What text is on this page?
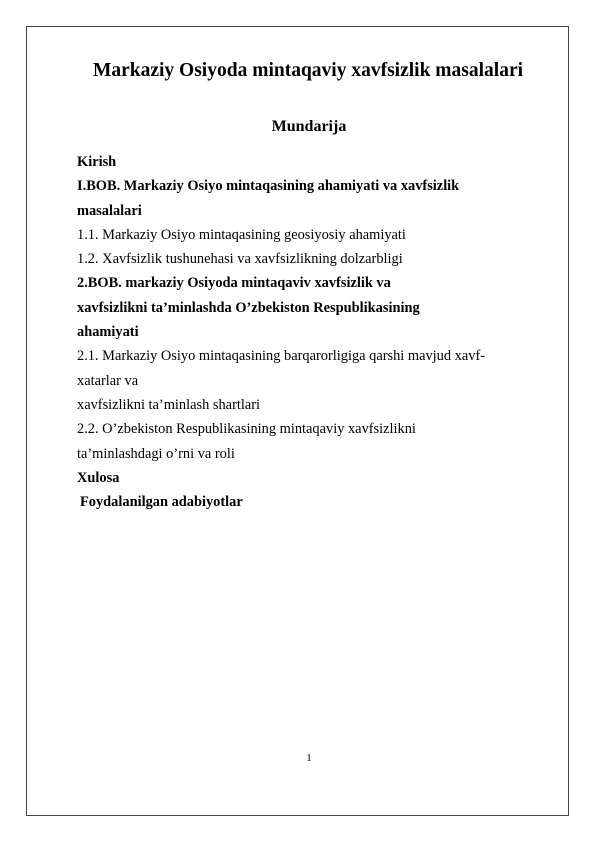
Markaziy Osiyoda mintaqaviy xavfsizlik masalalari
Mundarija
Kirish
I.BOB. Markaziy Osiyo mintaqasining ahamiyati va xavfsizlik
masalalari
1.1. Markaziy Osiyo mintaqasining geosiyosiy ahamiyati
1.2. Xavfsizlik tushunehasi va xavfsizlikning dolzarbligi
2.BOB. markaziy Osiyoda mintaqaviv xavfsizlik va
xavfsizlikni ta’minlashda O’zbekiston Respublikasining
ahamiyati
2.1. Markaziy Osiyo mintaqasining barqarorligiga qarshi mavjud xavf-
xatarlar va
xavfsizlikni ta’minlash shartlari
2.2. O’zbekiston Respublikasining mintaqaviy xavfsizlikni
ta’minlashdagi o’rni va roli
Xulosa
Foydalanilgan adabiyotlar
1
